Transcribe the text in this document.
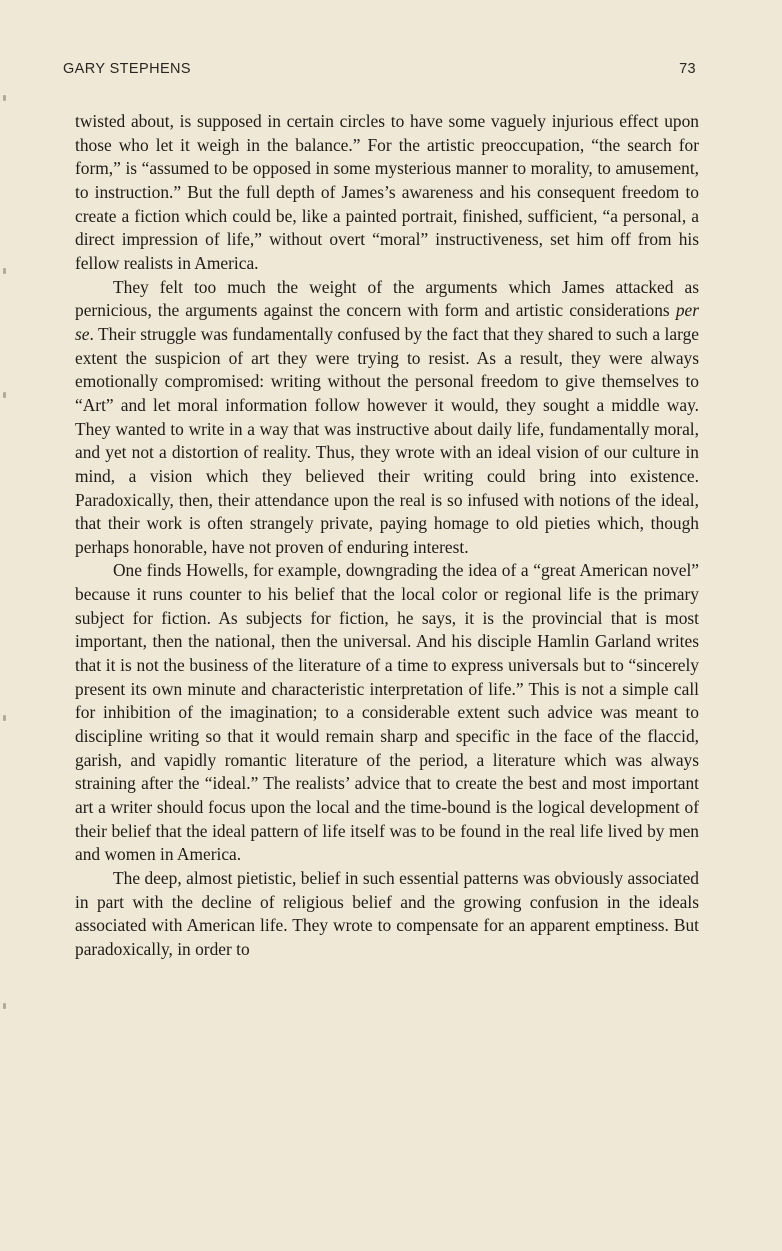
GARY STEPHENS	73

twisted about, is supposed in certain circles to have some vaguely injurious effect upon those who let it weigh in the balance.” For the artistic preoccupation, “the search for form,” is “assumed to be opposed in some mysterious manner to morality, to amusement, to instruction.” But the full depth of James’s awareness and his consequent freedom to create a fiction which could be, like a painted portrait, finished, sufficient, “a personal, a direct impression of life,” without overt “moral” instructiveness, set him off from his fellow realists in America.

They felt too much the weight of the arguments which James attacked as pernicious, the arguments against the concern with form and artistic considerations per se. Their struggle was fundamentally confused by the fact that they shared to such a large extent the suspicion of art they were trying to resist. As a result, they were always emotionally compromised: writing without the personal freedom to give themselves to “Art” and let moral information follow however it would, they sought a middle way. They wanted to write in a way that was instructive about daily life, fundamentally moral, and yet not a distortion of reality. Thus, they wrote with an ideal vision of our culture in mind, a vision which they believed their writing could bring into existence. Paradoxically, then, their attendance upon the real is so infused with notions of the ideal, that their work is often strangely private, paying homage to old pieties which, though perhaps honorable, have not proven of enduring interest.

One finds Howells, for example, downgrading the idea of a “great American novel” because it runs counter to his belief that the local color or regional life is the primary subject for fiction. As subjects for fiction, he says, it is the provincial that is most important, then the national, then the universal. And his disciple Hamlin Garland writes that it is not the business of the literature of a time to express universals but to “sincerely present its own minute and characteristic interpretation of life.” This is not a simple call for inhibition of the imagination; to a considerable extent such advice was meant to discipline writing so that it would remain sharp and specific in the face of the flaccid, garish, and vapidly romantic literature of the period, a literature which was always straining after the “ideal.” The realists’ advice that to create the best and most important art a writer should focus upon the local and the time-bound is the logical development of their belief that the ideal pattern of life itself was to be found in the real life lived by men and women in America.

The deep, almost pietistic, belief in such essential patterns was obviously associated in part with the decline of religious belief and the growing confusion in the ideals associated with American life. They wrote to compensate for an apparent emptiness. But paradoxically, in order to
